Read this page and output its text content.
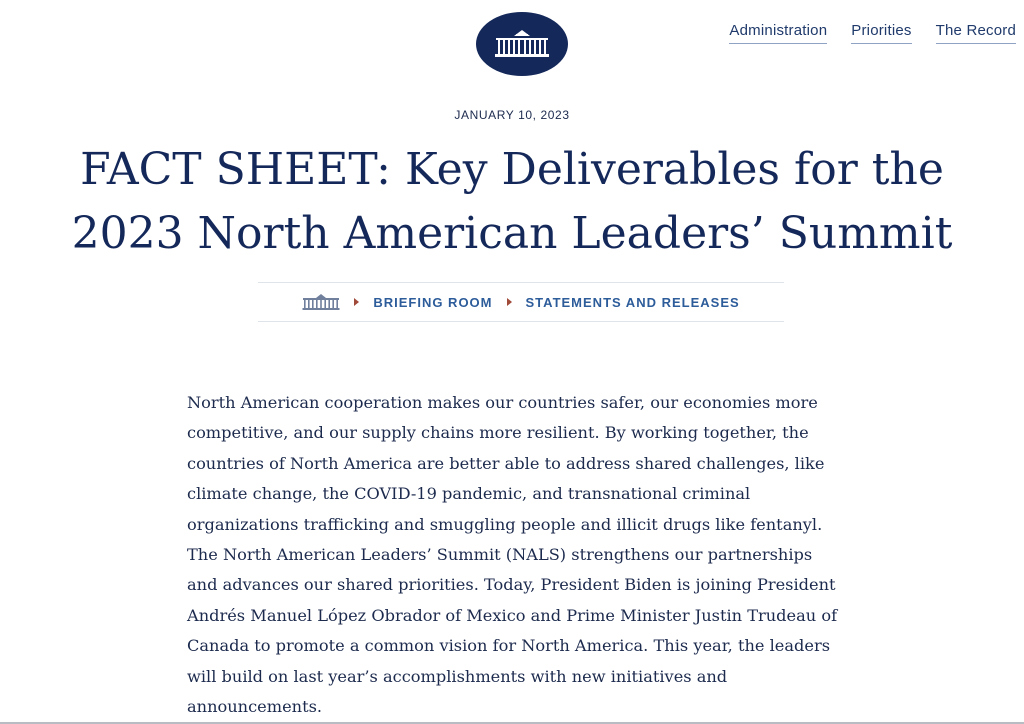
Administration Priorities The Record
JANUARY 10, 2023
FACT SHEET: Key Deliverables for the
2023 North American Leaders’ Summit
BRIEFING ROOM	STATEMENTS AND RELEASES

North American cooperation makes our countries safer, our economies more competitive, and our supply chains more resilient. By working together, the countries of North America are better able to address shared challenges, like climate change, the COVID-19 pandemic, and transnational criminal organizations trafficking and smuggling people and illicit drugs like fentanyl. The North American Leaders’ Summit (NALS) strengthens our partnerships and advances our shared priorities. Today, President Biden is joining President Andrés Manuel López Obrador of Mexico and Prime Minister Justin Trudeau of Canada to promote a common vision for North America. This year, the leaders will build on last year’s accomplishments with new initiatives and announcements.
